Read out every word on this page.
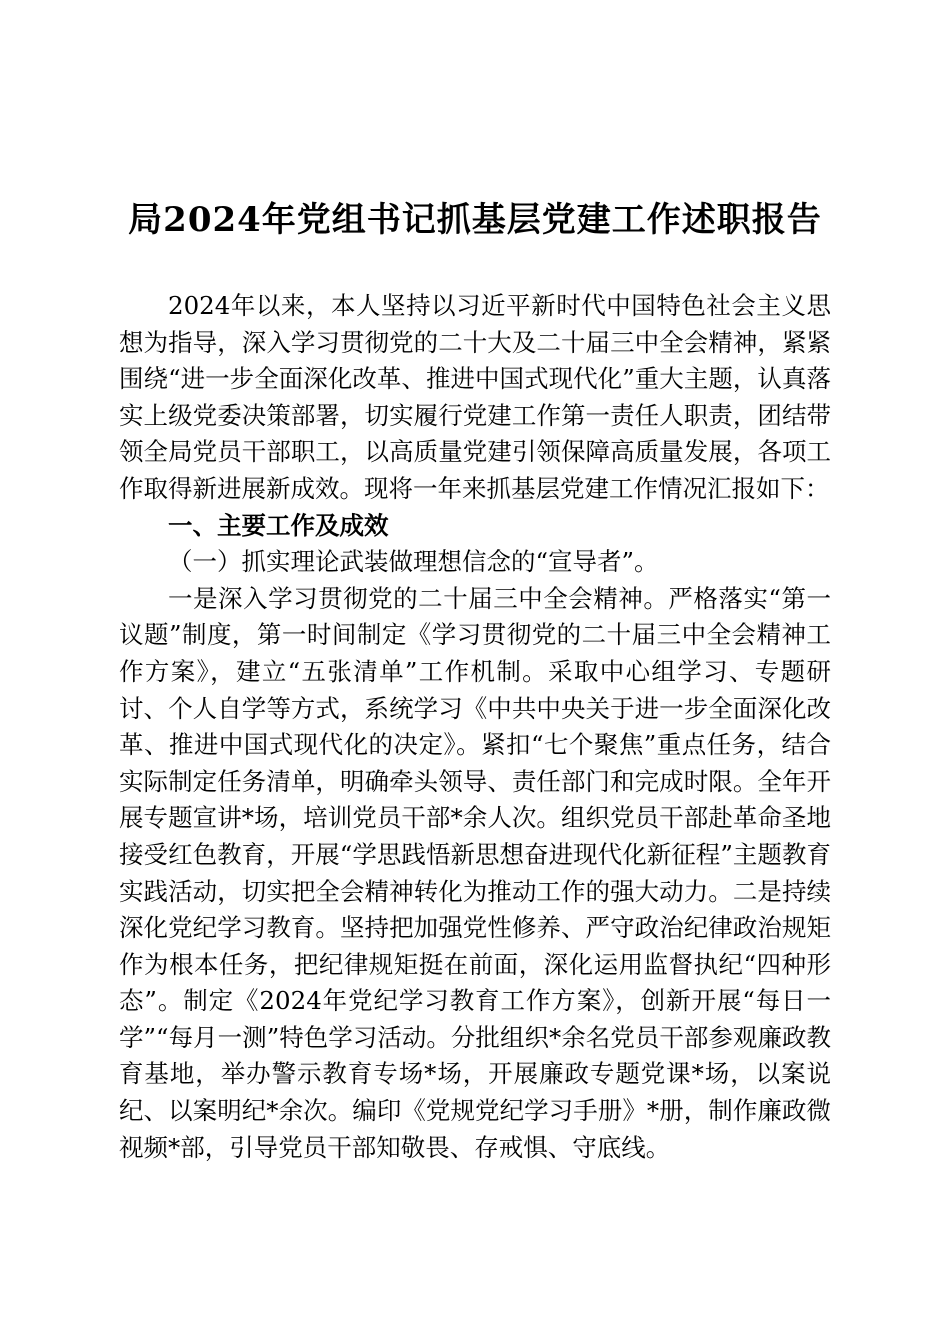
局2024年党组书记抓基层党建工作述职报告

2024年以来，本人坚持以习近平新时代中国特色社会主义思想为指导，深入学习贯彻党的二十大及二十届三中全会精神，紧紧围绕“进一步全面深化改革、推进中国式现代化”重大主题，认真落实上级党委决策部署，切实履行党建工作第一责任人职责，团结带领全局党员干部职工，以高质量党建引领保障高质量发展，各项工作取得新进展新成效。现将一年来抓基层党建工作情况汇报如下：

一、主要工作及成效

（一）抓实理论武装做理想信念的“宣导者”。

一是深入学习贯彻党的二十届三中全会精神。严格落实“第一议题”制度，第一时间制定《学习贯彻党的二十届三中全会精神工作方案》，建立“五张清单”工作机制。采取中心组学习、专题研讨、个人自学等方式，系统学习《中共中央关于进一步全面深化改革、推进中国式现代化的决定》。紧扣“七个聚焦”重点任务，结合实际制定任务清单，明确牵头领导、责任部门和完成时限。全年开展专题宣讲*场，培训党员干部*余人次。组织党员干部赴革命圣地接受红色教育，开展“学思践悟新思想奋进现代化新征程”主题教育实践活动，切实把全会精神转化为推动工作的强大动力。二是持续深化党纪学习教育。坚持把加强党性修养、严守政治纪律政治规矩作为根本任务，把纪律规矩挺在前面，深化运用监督执纪“四种形态”。制定《2024年党纪学习教育工作方案》，创新开展“每日一学”“每月一测”特色学习活动。分批组织*余名党员干部参观廉政教育基地，举办警示教育专场*场，开展廉政专题党课*场，以案说纪、以案明纪*余次。编印《党规党纪学习手册》*册，制作廉政微视频*部，引导党员干部知敬畏、存戒惧、守底线。
